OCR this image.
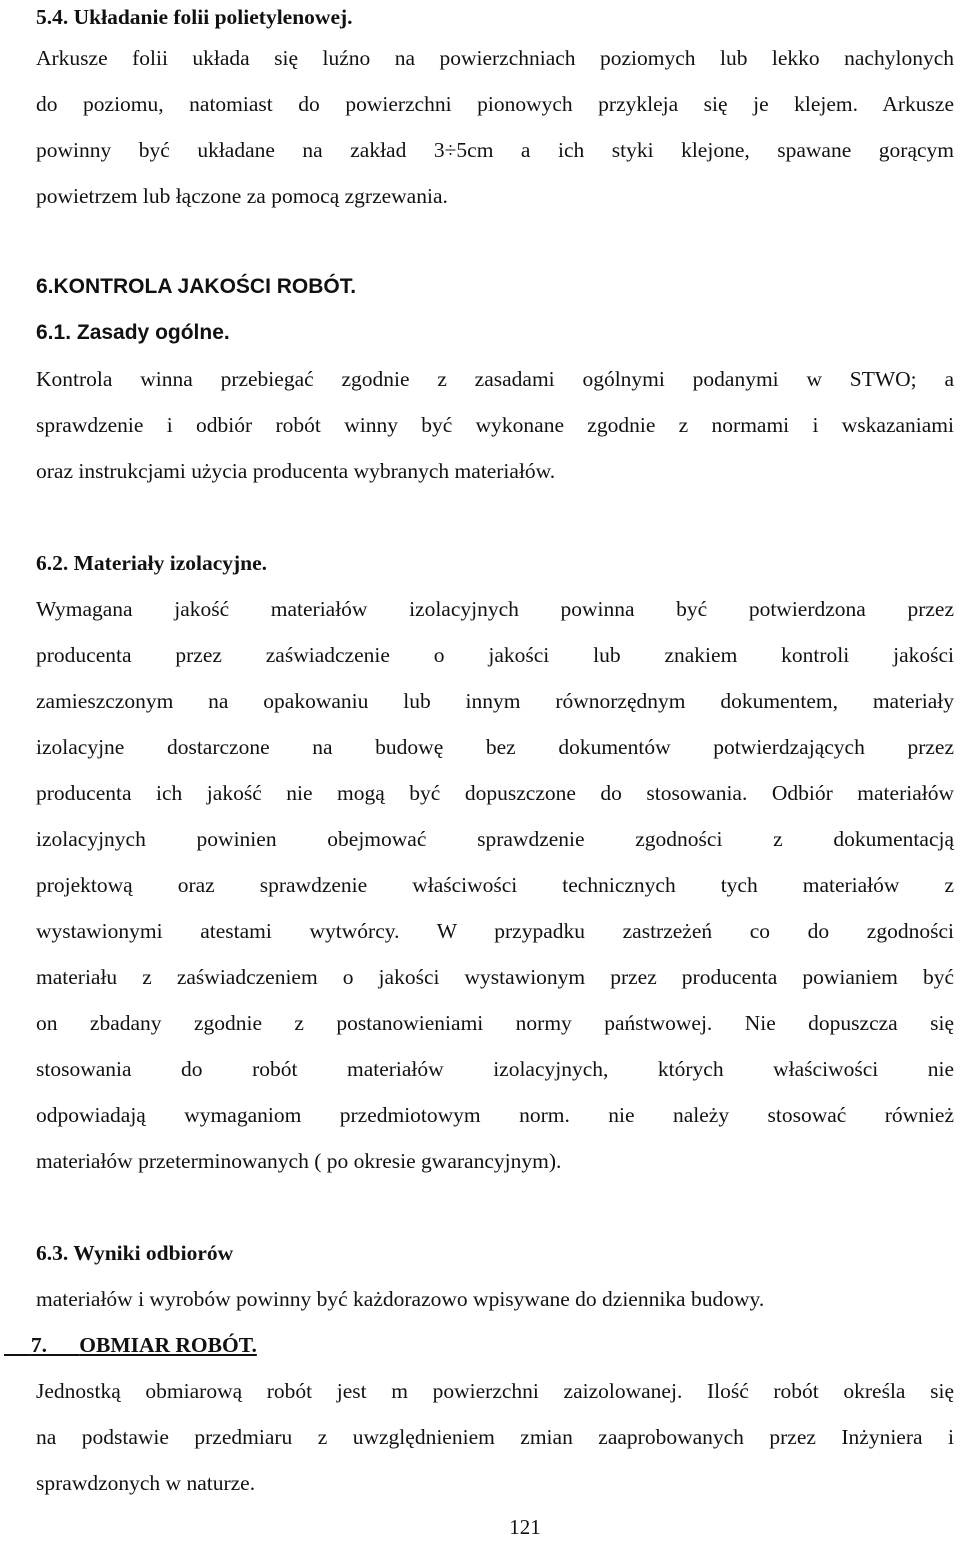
5.4. Układanie folii polietylenowej.
Arkusze folii układa się luźno na powierzchniach poziomych lub lekko nachylonych
do poziomu, natomiast do powierzchni pionowych przykleja się je klejem. Arkusze
powinny być układane na zakład 3÷5cm a ich styki klejone, spawane gorącym
powietrzem lub łączone za pomocą zgrzewania.
6.KONTROLA JAKOŚCI ROBÓT.
6.1. Zasady ogólne.
Kontrola winna przebiegać zgodnie z zasadami ogólnymi podanymi w STWO; a
sprawdzenie i odbiór robót winny być wykonane zgodnie z normami i wskazaniami
oraz instrukcjami użycia producenta wybranych materiałów.
6.2. Materiały izolacyjne.
Wymagana jakość materiałów izolacyjnych powinna być potwierdzona przez
producenta przez zaświadczenie o jakości lub znakiem kontroli jakości
zamieszczonym na opakowaniu lub innym równorzędnym dokumentem, materiały
izolacyjne dostarczone na budowę bez dokumentów potwierdzających przez
producenta ich jakość nie mogą być dopuszczone do stosowania. Odbiór materiałów
izolacyjnych powinien obejmować sprawdzenie zgodności z dokumentacją
projektową oraz sprawdzenie właściwości technicznych tych materiałów z
wystawionymi atestami wytwórcy. W przypadku zastrzeżeń co do zgodności
materiału z zaświadczeniem o jakości wystawionym przez producenta powianiem być
on zbadany zgodnie z postanowieniami normy państwowej. Nie dopuszcza się
stosowania do robót materiałów izolacyjnych, których właściwości nie
odpowiadają wymaganiom przedmiotowym norm. nie należy stosować również
materiałów przeterminowanych ( po okresie gwarancyjnym).
6.3. Wyniki odbiorów
materiałów i wyrobów powinny być każdorazowo wpisywane do dziennika budowy.
7. OBMIAR ROBÓT.
Jednostką obmiarową robót jest m powierzchni zaizolowanej. Ilość robót określa się
na podstawie przedmiaru z uwzględnieniem zmian zaaprobowanych przez Inżyniera i
sprawdzonych w naturze.
121
